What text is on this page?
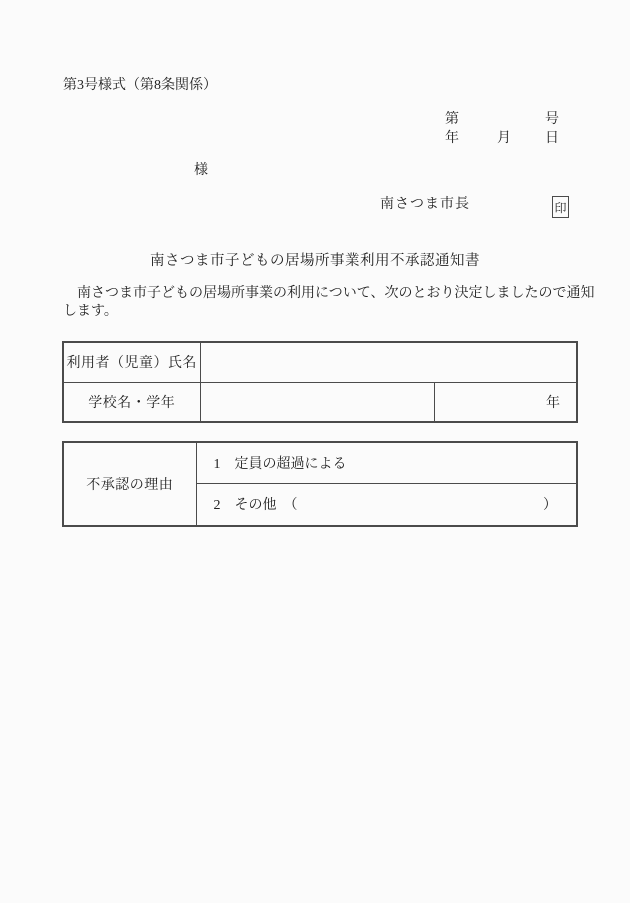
第3号様式（第8条関係）
第	号
年	月 日
様
南さつま市長	印
南さつま市子どもの居場所事業利用不承認通知書
　南さつま市子どもの居場所事業の利用について、次のとおり決定しましたので通知
します。
利用者（児童）氏名		
学校名・学年		年
不承認の理由	
1　定員の超過による

2　その他　（	）
